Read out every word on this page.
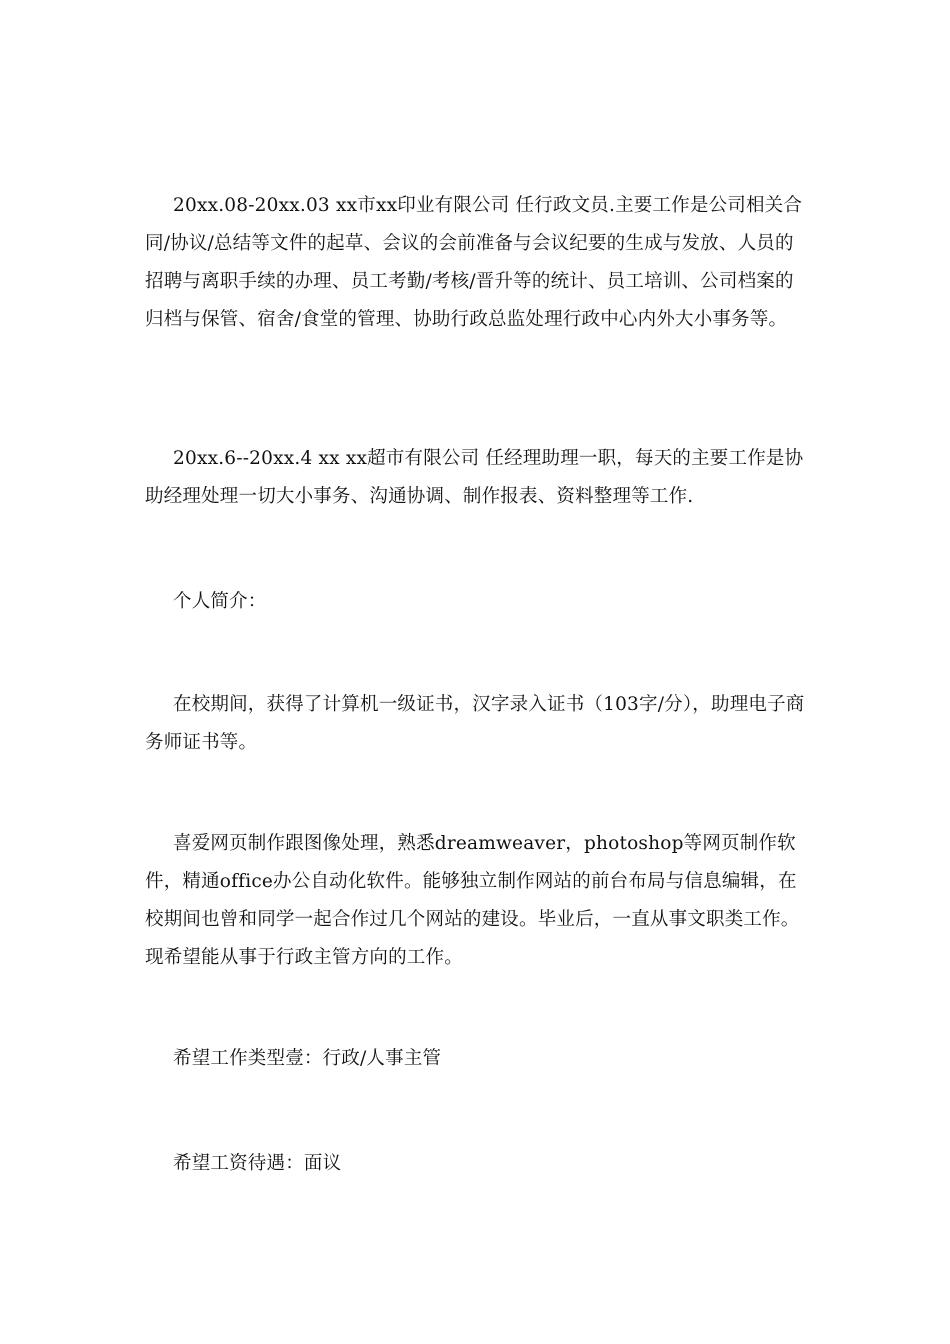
20xx.08-20xx.03 xx市xx印业有限公司 任行政文员.主要工作是公司相关合同/协议/总结等文件的起草、会议的会前准备与会议纪要的生成与发放、人员的招聘与离职手续的办理、员工考勤/考核/晋升等的统计、员工培训、公司档案的归档与保管、宿舍/食堂的管理、协助行政总监处理行政中心内外大小事务等。

20xx.6--20xx.4 xx xx超市有限公司 任经理助理一职，每天的主要工作是协助经理处理一切大小事务、沟通协调、制作报表、资料整理等工作.

个人简介：

在校期间，获得了计算机一级证书，汉字录入证书（103字/分），助理电子商务师证书等。

喜爱网页制作跟图像处理，熟悉dreamweaver，photoshop等网页制作软件，精通office办公自动化软件。能够独立制作网站的前台布局与信息编辑，在校期间也曾和同学一起合作过几个网站的建设。毕业后，一直从事文职类工作。现希望能从事于行政主管方向的工作。

希望工作类型壹：行政/人事主管

希望工资待遇：面议
